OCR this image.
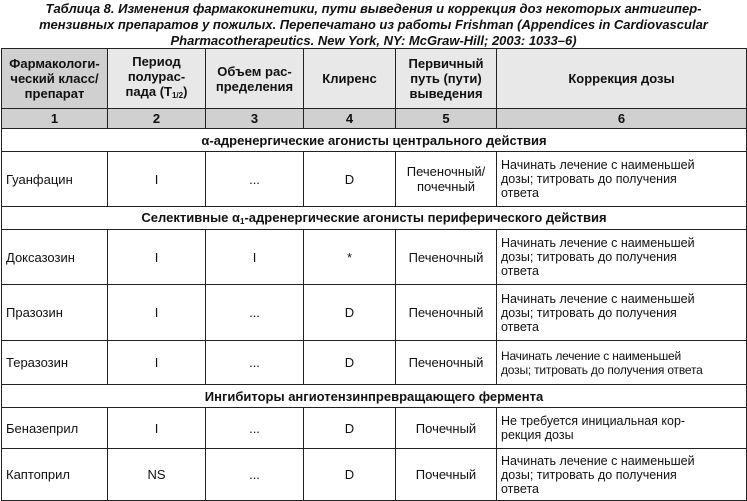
Таблица 8. Изменения фармакокинетики, пути выведения и коррекция доз некоторых антигипер-
тензивных препаратов у пожилых. Перепечатано из работы Frishman (Appendices in Cardiovascular
Pharmacotherapeutics. New York, NY: McGraw-Hill; 2003: 1033–6)
Фармакологи-
ческий класс/
препарат	Период
полурас-
пада $(Т_{1/2})$	Объем рас-
пределения	Клиренс	Первичный
путь (пути)
выведения	Коррекция дозы
1	2	3	4	5	6
α-адренергические агонисты центрального действия					
Гуанфацин	I	...	D	Печеночный/
почечный	Начинать лечение с наименьшей
дозы; титровать до получения
ответа
Селективные $\alpha_1$-адренергические агонисты периферического действия					
Доксазозин	I	I	*	Печеночный	Начинать лечение с наименьшей
дозы; титровать до получения
ответа
Празозин	I	...	D	Печеночный	Начинать лечение с наименьшей
дозы; титровать до получения
ответа
Теразозин	I	...	D	Печеночный	Начинать лечение с наименьшей
дозы; титровать до получения ответа
Ингибиторы ангиотензинпревращающего фермента					
Беназеприл	I	...	D	Почечный	Не требуется инициальная кор-
рекция дозы
Каптоприл	NS	...	D	Почечный	Начинать лечение с наименьшей
дозы; титровать до получения
ответа
